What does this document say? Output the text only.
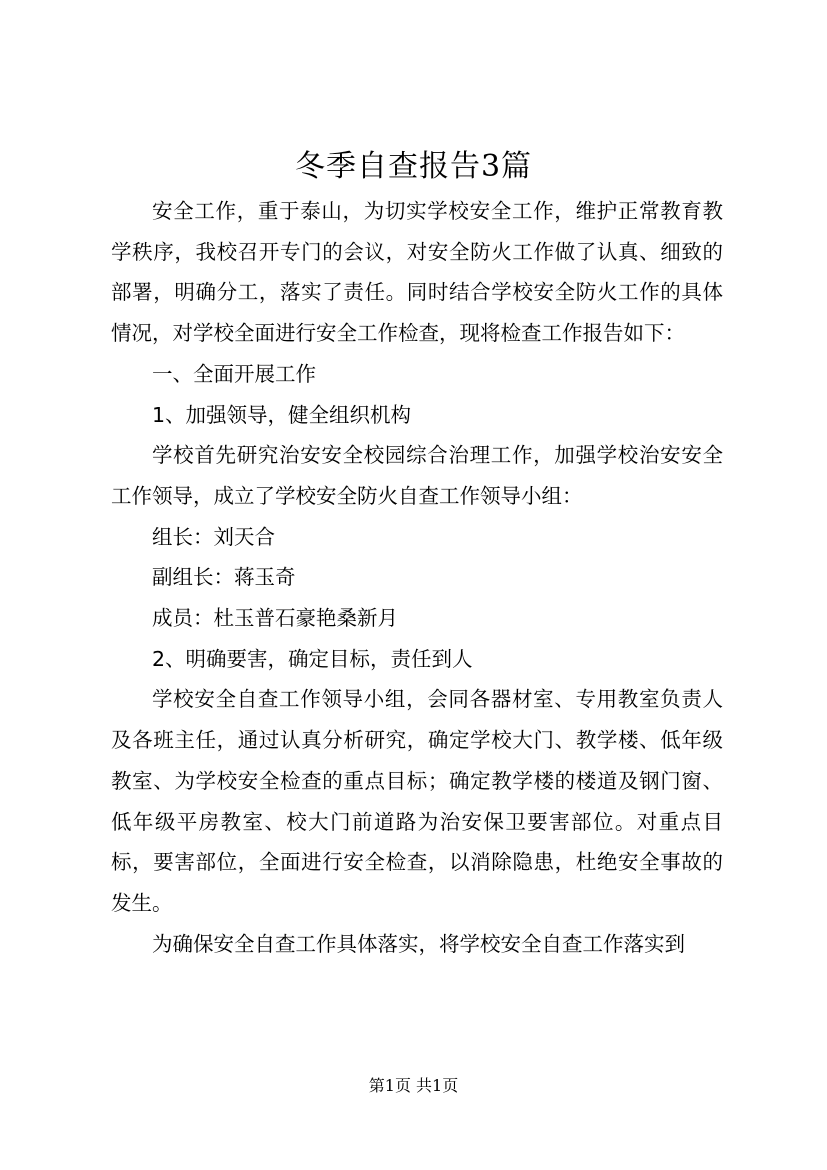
冬季自查报告3篇

安全工作，重于泰山，为切实学校安全工作，维护正常教育教学秩序，我校召开专门的会议，对安全防火工作做了认真、细致的部署，明确分工，落实了责任。同时结合学校安全防火工作的具体情况，对学校全面进行安全工作检查，现将检查工作报告如下：

一、全面开展工作

1、加强领导，健全组织机构

学校首先研究治安安全校园综合治理工作，加强学校治安安全工作领导，成立了学校安全防火自查工作领导小组：

组长：刘天合

副组长：蒋玉奇

成员：杜玉普石豪艳桑新月

2、明确要害，确定目标，责任到人

学校安全自查工作领导小组，会同各器材室、专用教室负责人及各班主任，通过认真分析研究，确定学校大门、教学楼、低年级教室、为学校安全检查的重点目标；确定教学楼的楼道及钢门窗、低年级平房教室、校大门前道路为治安保卫要害部位。对重点目标，要害部位，全面进行安全检查，以消除隐患，杜绝安全事故的发生。

为确保安全自查工作具体落实，将学校安全自查工作落实到

第1页 共1页
